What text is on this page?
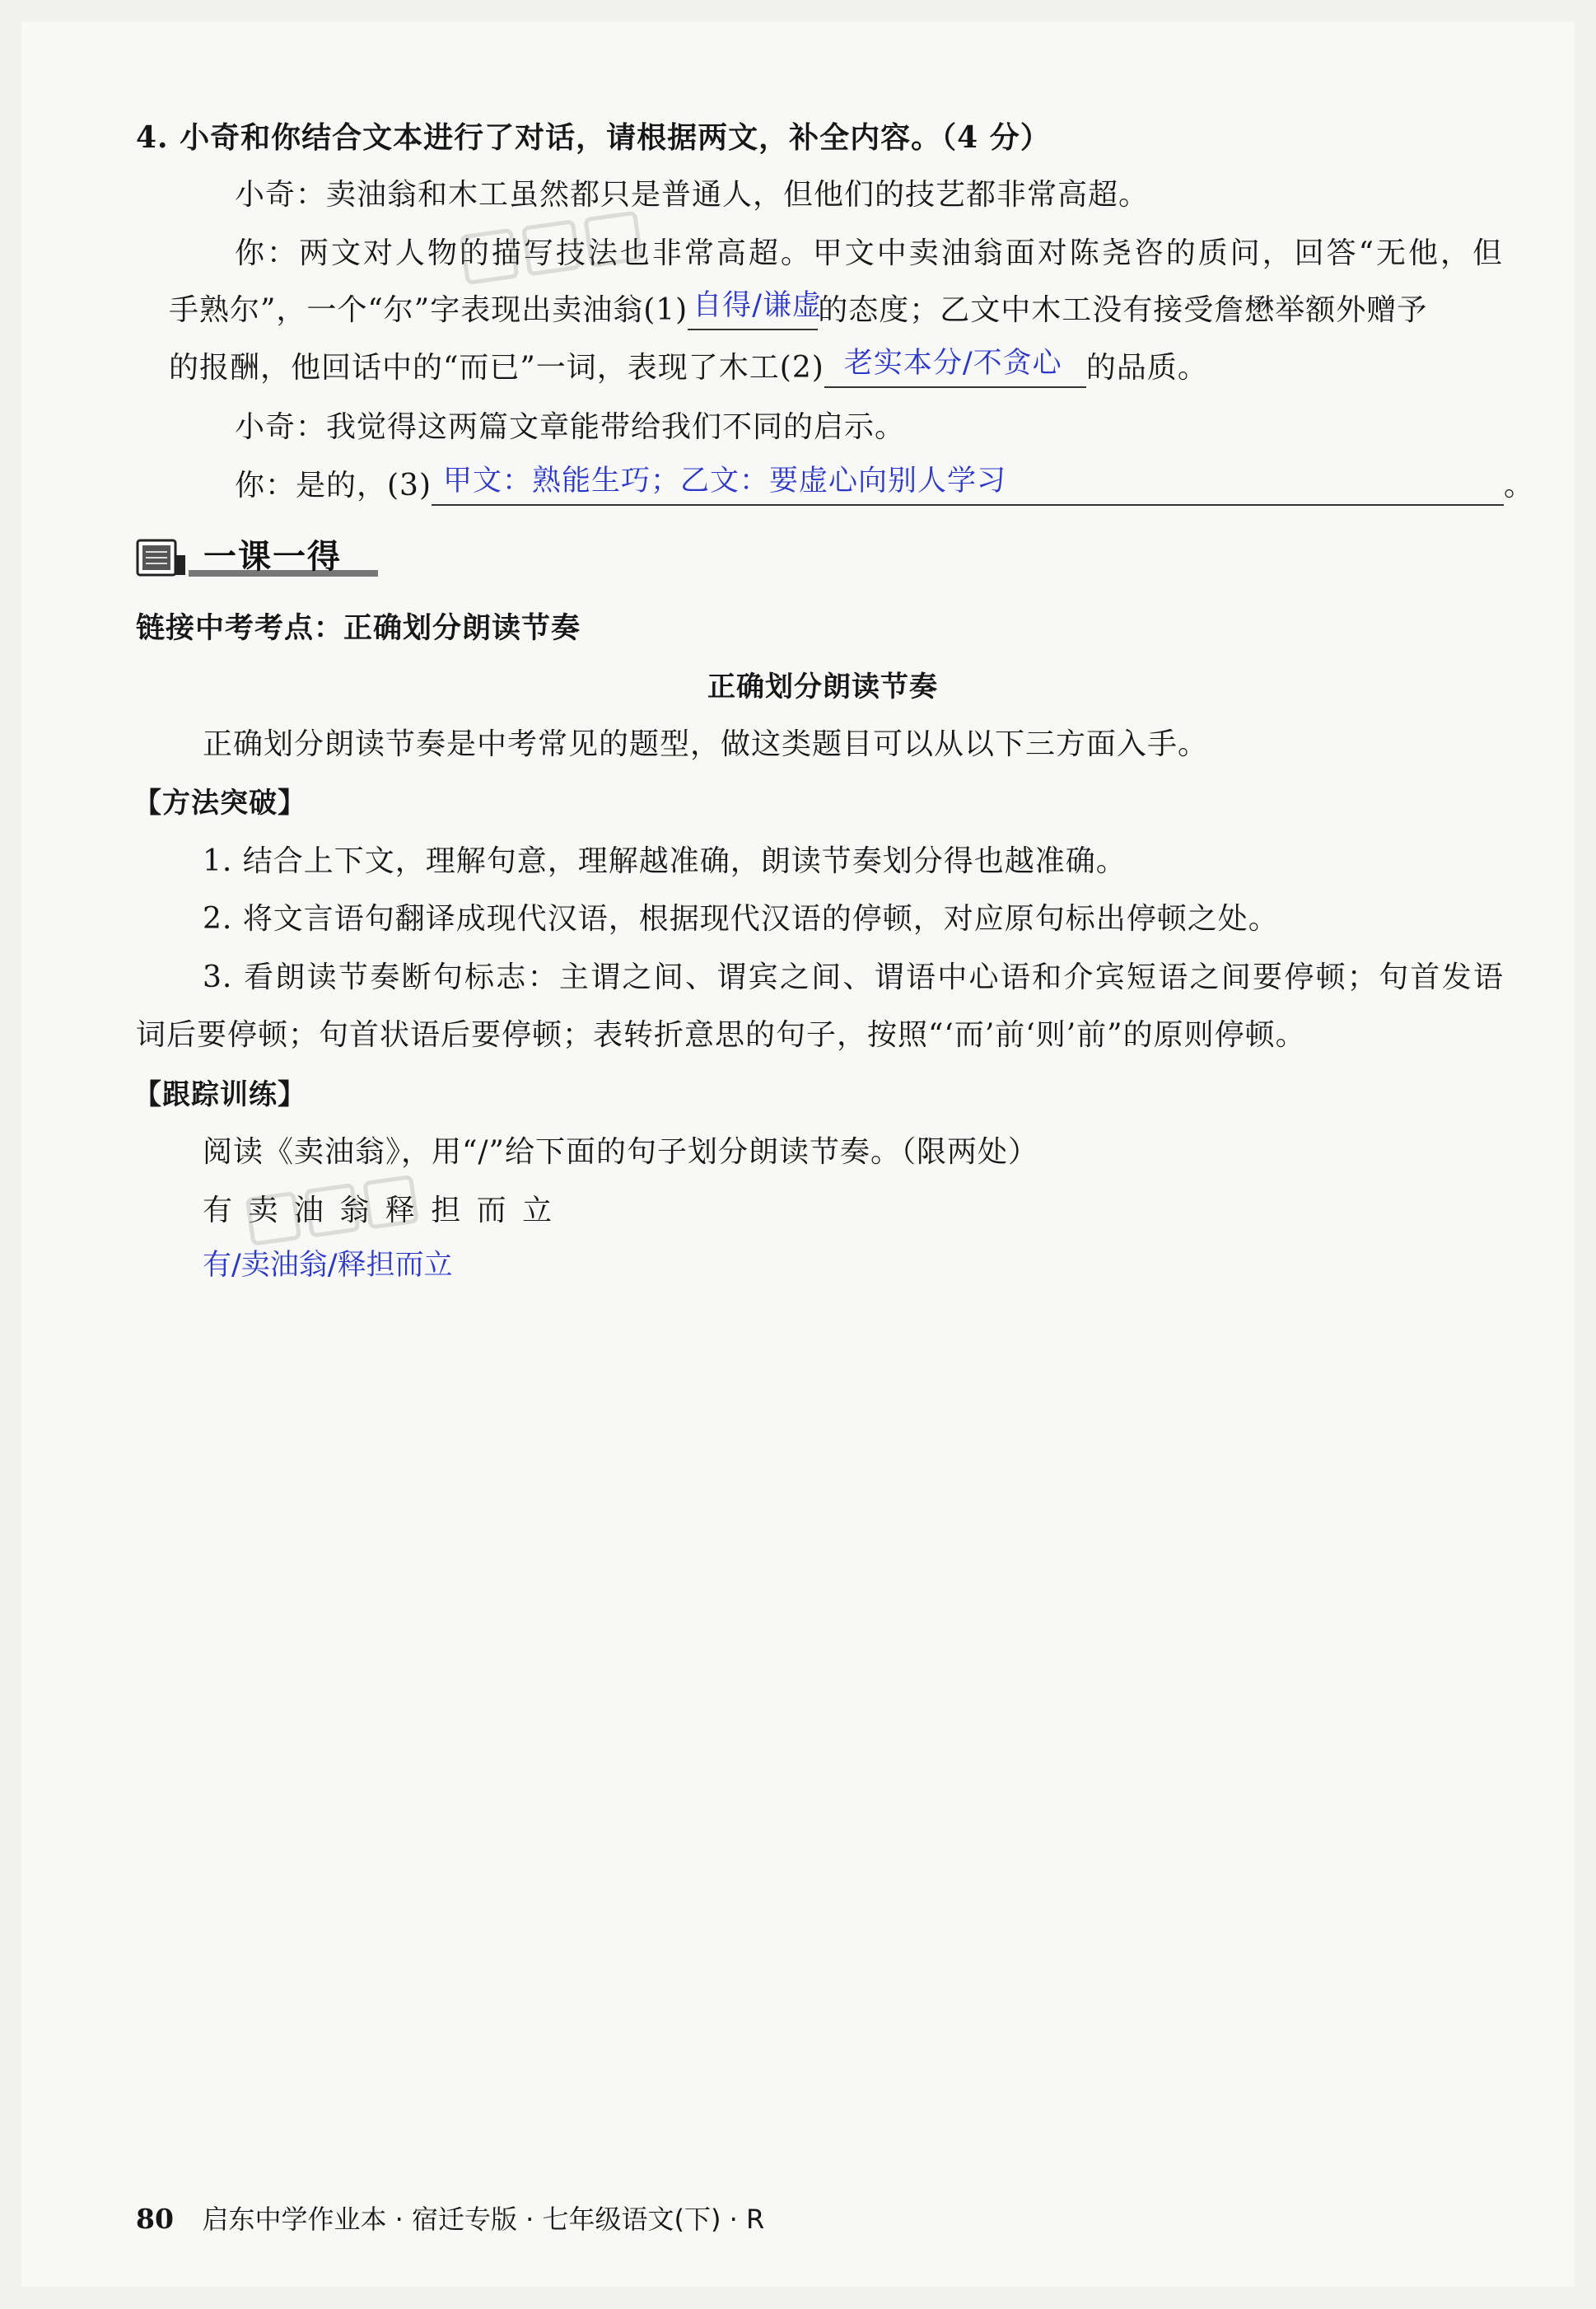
4. 小奇和你结合文本进行了对话，请根据两文，补全内容。（4 分）
小奇：卖油翁和木工虽然都只是普通人，但他们的技艺都非常高超。
你：两文对人物的描写技法也非常高超。甲文中卖油翁面对陈尧咨的质问，回答“无他，但
手熟尔”，一个“尔”字表现出卖油翁(1) 自得/谦虚
的态度；乙文中木工没有接受詹懋举额外赠予
的报酬，他回话中的“而已”一词，表现了木工(2) 老实本分/不贪心 的品质。
小奇：我觉得这两篇文章能带给我们不同的启示。
你：是的，(3) 甲文：熟能生巧；乙文：要虚心向别人学习	。
一课一得
链接中考考点：正确划分朗读节奏
正确划分朗读节奏
正确划分朗读节奏是中考常见的题型，做这类题目可以从以下三方面入手。
【方法突破】
1. 结合上下文，理解句意，理解越准确，朗读节奏划分得也越准确。
2. 将文言语句翻译成现代汉语，根据现代汉语的停顿，对应原句标出停顿之处。
3. 看朗读节奏断句标志：主谓之间、谓宾之间、谓语中心语和介宾短语之间要停顿；句首发语
词后要停顿；句首状语后要停顿；表转折意思的句子，按照“‘而’前‘则’前”的原则停顿。
【跟踪训练】
阅读《卖油翁》，用“/”给下面的句子划分朗读节奏。（限两处）
有 卖 油 翁 释 担 而 立
有/卖油翁/释担而立
80 启东中学作业本 · 宿迁专版 · 七年级语文(下) · R
